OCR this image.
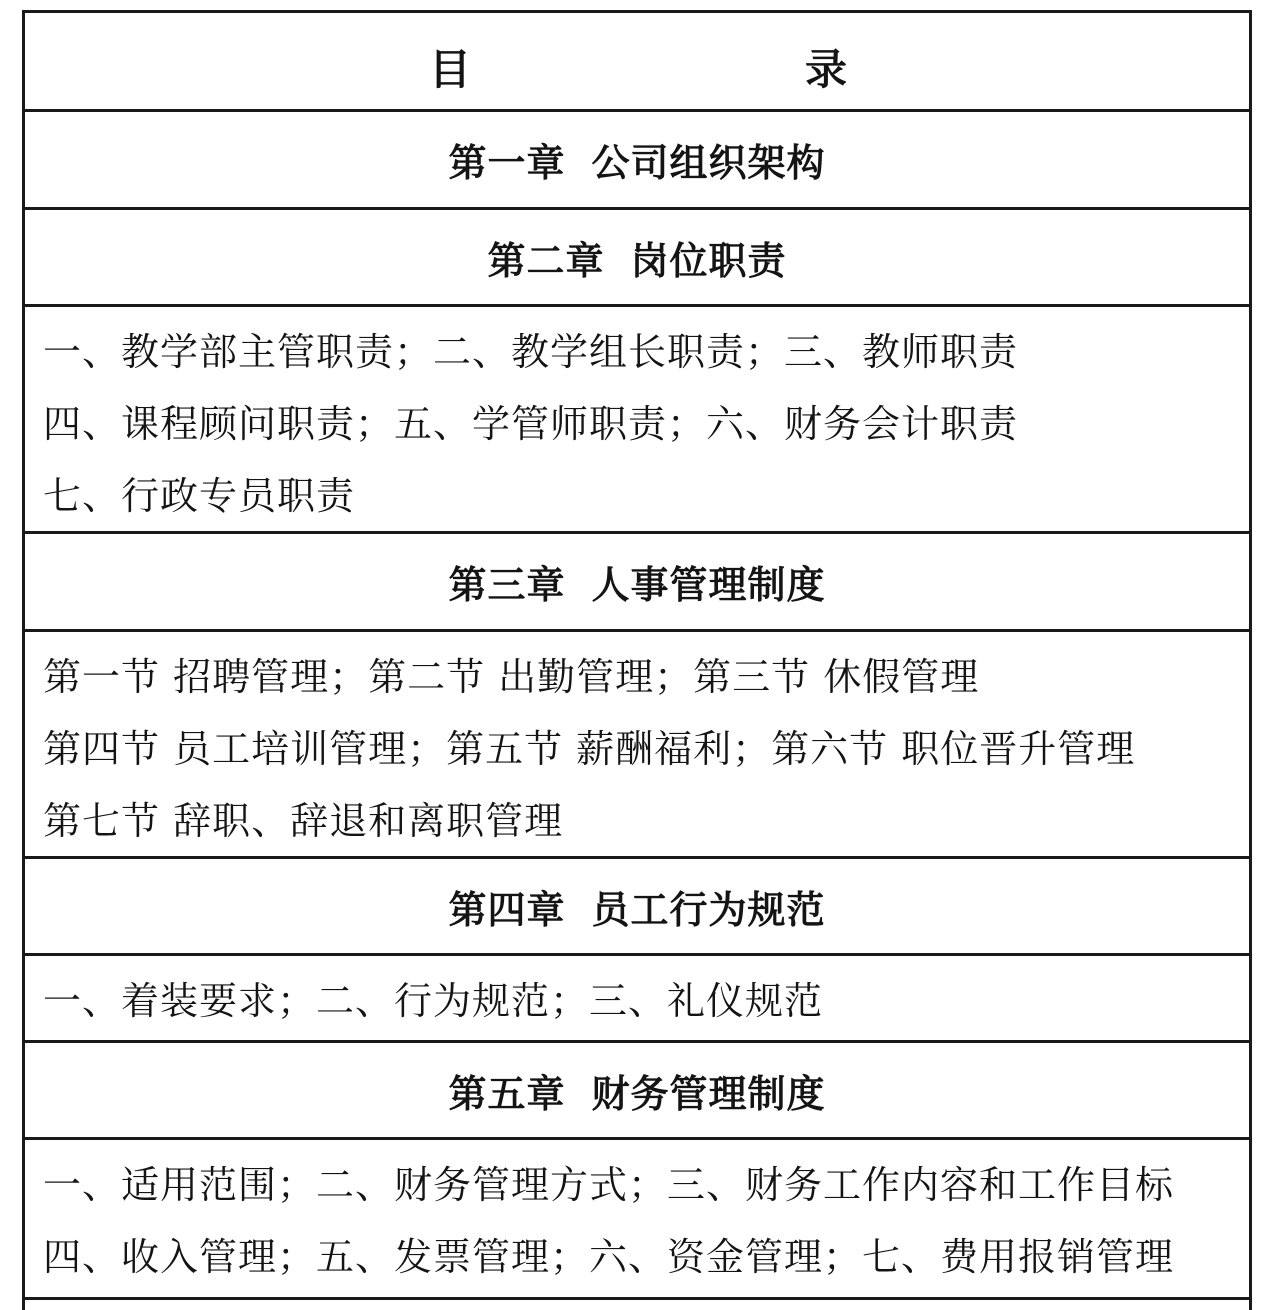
目	录
第一章 公司组织架构
第二章 岗位职责
一、教学部主管职责；二、教学组长职责；三、教师职责
四、课程顾问职责；五、学管师职责；六、财务会计职责
七、行政专员职责
第三章 人事管理制度
第一节 招聘管理；第二节 出勤管理；第三节 休假管理
第四节 员工培训管理；第五节 薪酬福利；第六节 职位晋升管理
第七节 辞职、辞退和离职管理
第四章 员工行为规范
一、着装要求；二、行为规范；三、礼仪规范
第五章 财务管理制度
一、适用范围；二、财务管理方式；三、财务工作内容和工作目标
四、收入管理；五、发票管理；六、资金管理；七、费用报销管理
